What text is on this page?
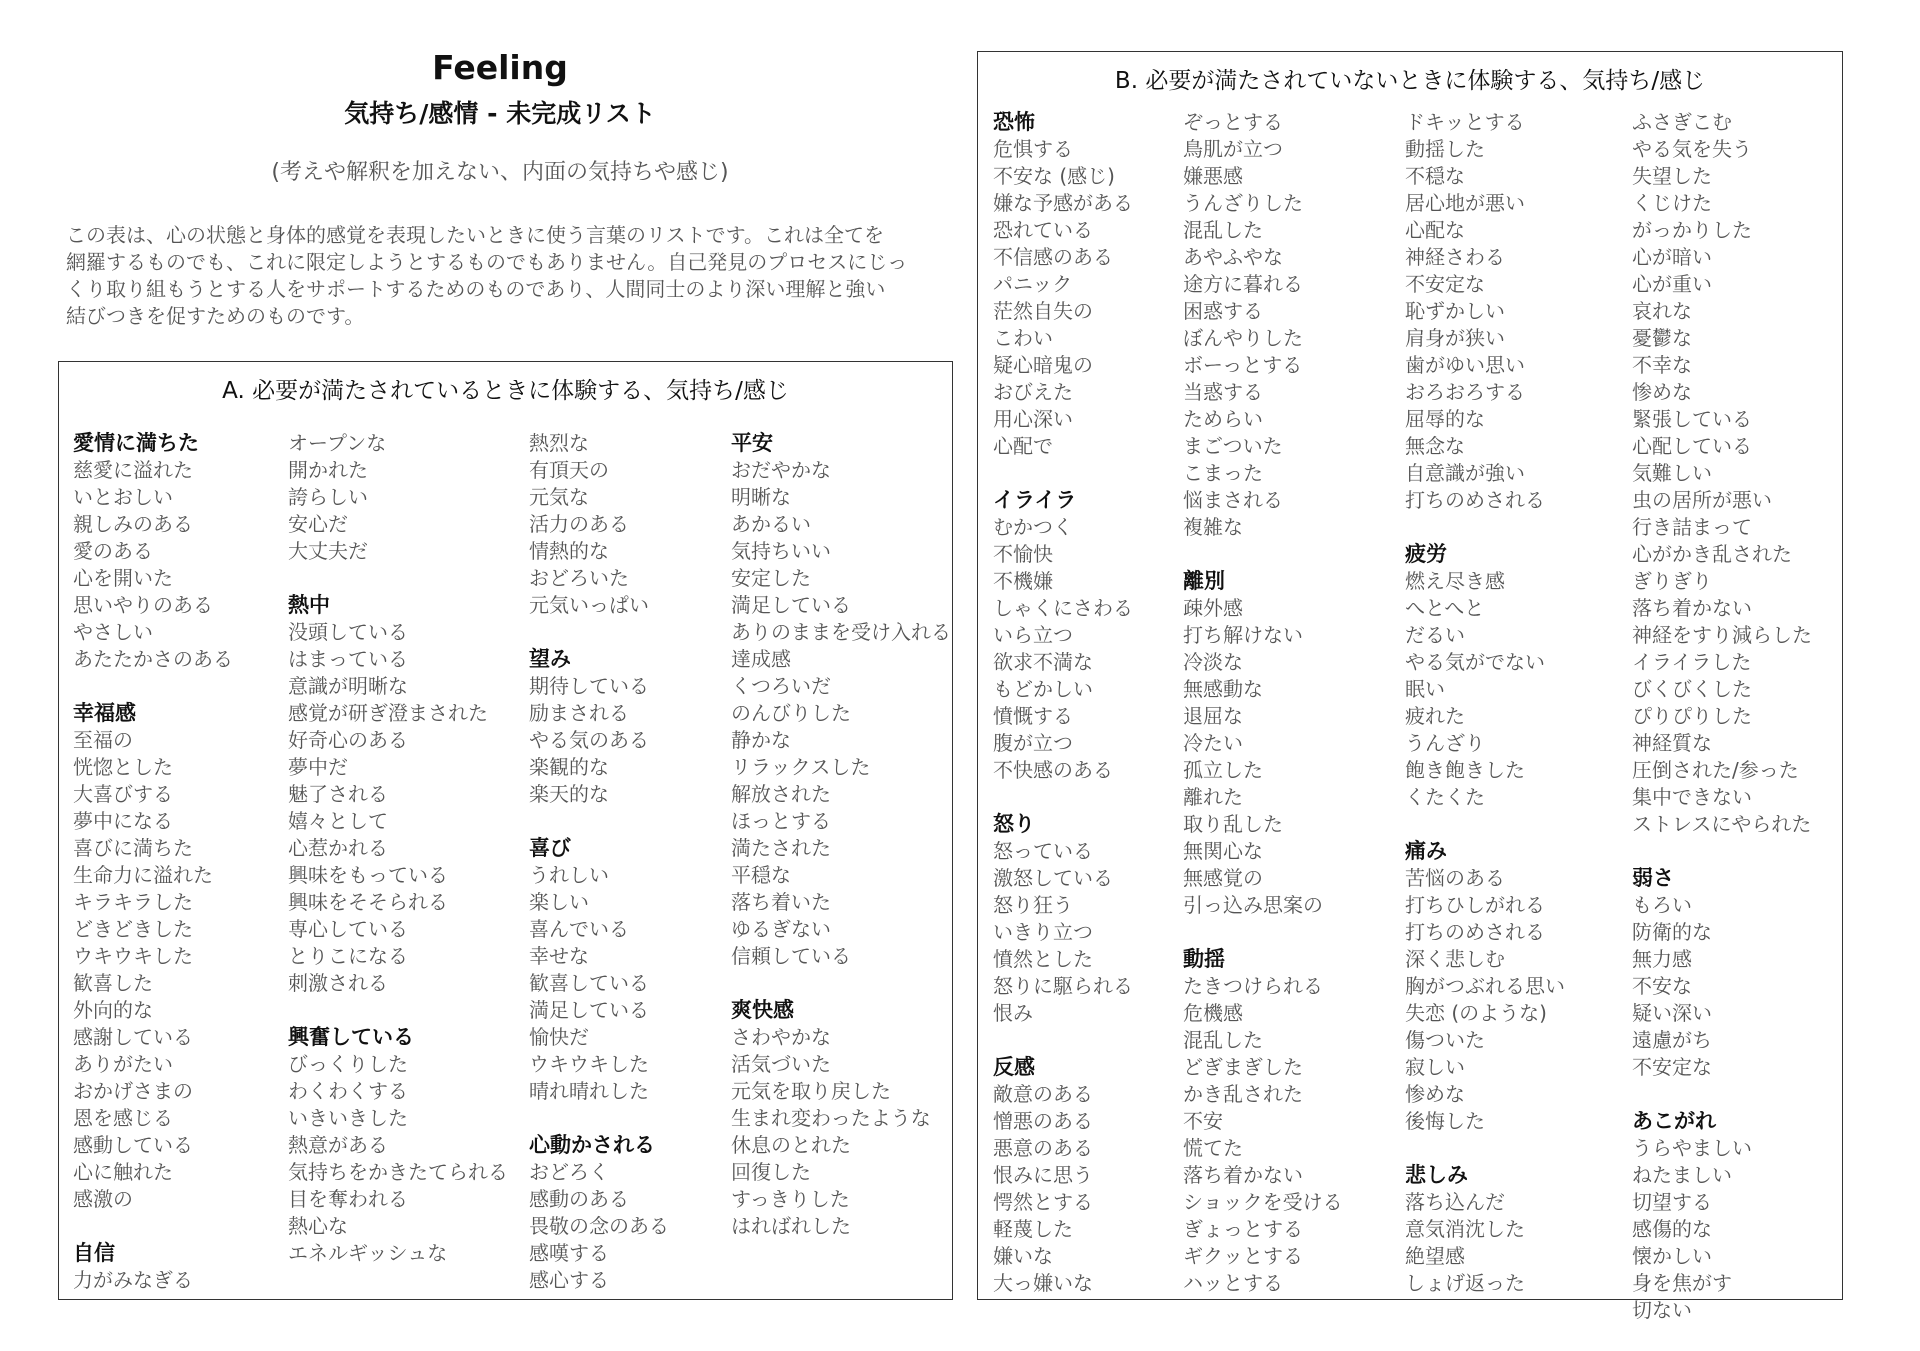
Feeling
気持ち/感情 - 未完成リスト
(考えや解釈を加えない、内面の気持ちや感じ)
この表は、心の状態と身体的感覚を表現したいときに使う言葉のリストです。これは全てを
網羅するものでも、これに限定しようとするものでもありません。自己発見のプロセスにじっ
くり取り組もうとする人をサポートするためのものであり、人間同士のより深い理解と強い
結びつきを促すためのものです。
A. 必要が満たされているときに体験する、気持ち/感じ
愛情に満ちた
慈愛に溢れた
いとおしい
親しみのある
愛のある
心を開いた
思いやりのある
やさしい
あたたかさのある
幸福感
至福の
恍惚とした
大喜びする
夢中になる
喜びに満ちた
生命力に溢れた
キラキラした
どきどきした
ウキウキした
歓喜した
外向的な
感謝している
ありがたい
おかげさまの
恩を感じる
感動している
心に触れた
感激の
自信
力がみなぎる
オープンな
開かれた
誇らしい
安心だ
大丈夫だ
熱中
没頭している
はまっている
意識が明晰な
感覚が研ぎ澄まされた
好奇心のある
夢中だ
魅了される
嬉々として
心惹かれる
興味をもっている
興味をそそられる
専心している
とりこになる
刺激される
興奮している
びっくりした
わくわくする
いきいきした
熱意がある
気持ちをかきたてられる
目を奪われる
熱心な
エネルギッシュな
熱烈な
有頂天の
元気な
活力のある
情熱的な
おどろいた
元気いっぱい
望み
期待している
励まされる
やる気のある
楽観的な
楽天的な
喜び
うれしい
楽しい
喜んでいる
幸せな
歓喜している
満足している
愉快だ
ウキウキした
晴れ晴れした
心動かされる
おどろく
感動のある
畏敬の念のある
感嘆する
感心する
平安
おだやかな
明晰な
あかるい
気持ちいい
安定した
満足している
ありのままを受け入れる
達成感
くつろいだ
のんびりした
静かな
リラックスした
解放された
ほっとする
満たされた
平穏な
落ち着いた
ゆるぎない
信頼している
爽快感
さわやかな
活気づいた
元気を取り戻した
生まれ変わったような
休息のとれた
回復した
すっきりした
はればれした
B. 必要が満たされていないときに体験する、気持ち/感じ
恐怖
危惧する
不安な (感じ)
嫌な予感がある
恐れている
不信感のある
パニック
茫然自失の
こわい
疑心暗鬼の
おびえた
用心深い
心配で
イライラ
むかつく
不愉快
不機嫌
しゃくにさわる
いら立つ
欲求不満な
もどかしい
憤慨する
腹が立つ
不快感のある
怒り
怒っている
激怒している
怒り狂う
いきり立つ
憤然とした
怒りに駆られる
恨み
反感
敵意のある
憎悪のある
悪意のある
恨みに思う
愕然とする
軽蔑した
嫌いな
大っ嫌いな
ぞっとする
鳥肌が立つ
嫌悪感
うんざりした
混乱した
あやふやな
途方に暮れる
困惑する
ぼんやりした
ボーっとする
当惑する
ためらい
まごついた
こまった
悩まされる
複雑な
離別
疎外感
打ち解けない
冷淡な
無感動な
退屈な
冷たい
孤立した
離れた
取り乱した
無関心な
無感覚の
引っ込み思案の
動揺
たきつけられる
危機感
混乱した
どぎまぎした
かき乱された
不安
慌てた
落ち着かない
ショックを受ける
ぎょっとする
ギクッとする
ハッとする
ドキッとする
動揺した
不穏な
居心地が悪い
心配な
神経さわる
不安定な
恥ずかしい
肩身が狭い
歯がゆい思い
おろおろする
屈辱的な
無念な
自意識が強い
打ちのめされる
疲労
燃え尽き感
へとへと
だるい
やる気がでない
眠い
疲れた
うんざり
飽き飽きした
くたくた
痛み
苦悩のある
打ちひしがれる
打ちのめされる
深く悲しむ
胸がつぶれる思い
失恋 (のような)
傷ついた
寂しい
惨めな
後悔した
悲しみ
落ち込んだ
意気消沈した
絶望感
しょげ返った
ふさぎこむ
やる気を失う
失望した
くじけた
がっかりした
心が暗い
心が重い
哀れな
憂鬱な
不幸な
惨めな
緊張している
心配している
気難しい
虫の居所が悪い
行き詰まって
心がかき乱された
ぎりぎり
落ち着かない
神経をすり減らした
イライラした
びくびくした
ぴりぴりした
神経質な
圧倒された/参った
集中できない
ストレスにやられた
弱さ
もろい
防衛的な
無力感
不安な
疑い深い
遠慮がち
不安定な
あこがれ
うらやましい
ねたましい
切望する
感傷的な
懐かしい
身を焦がす
切ない
